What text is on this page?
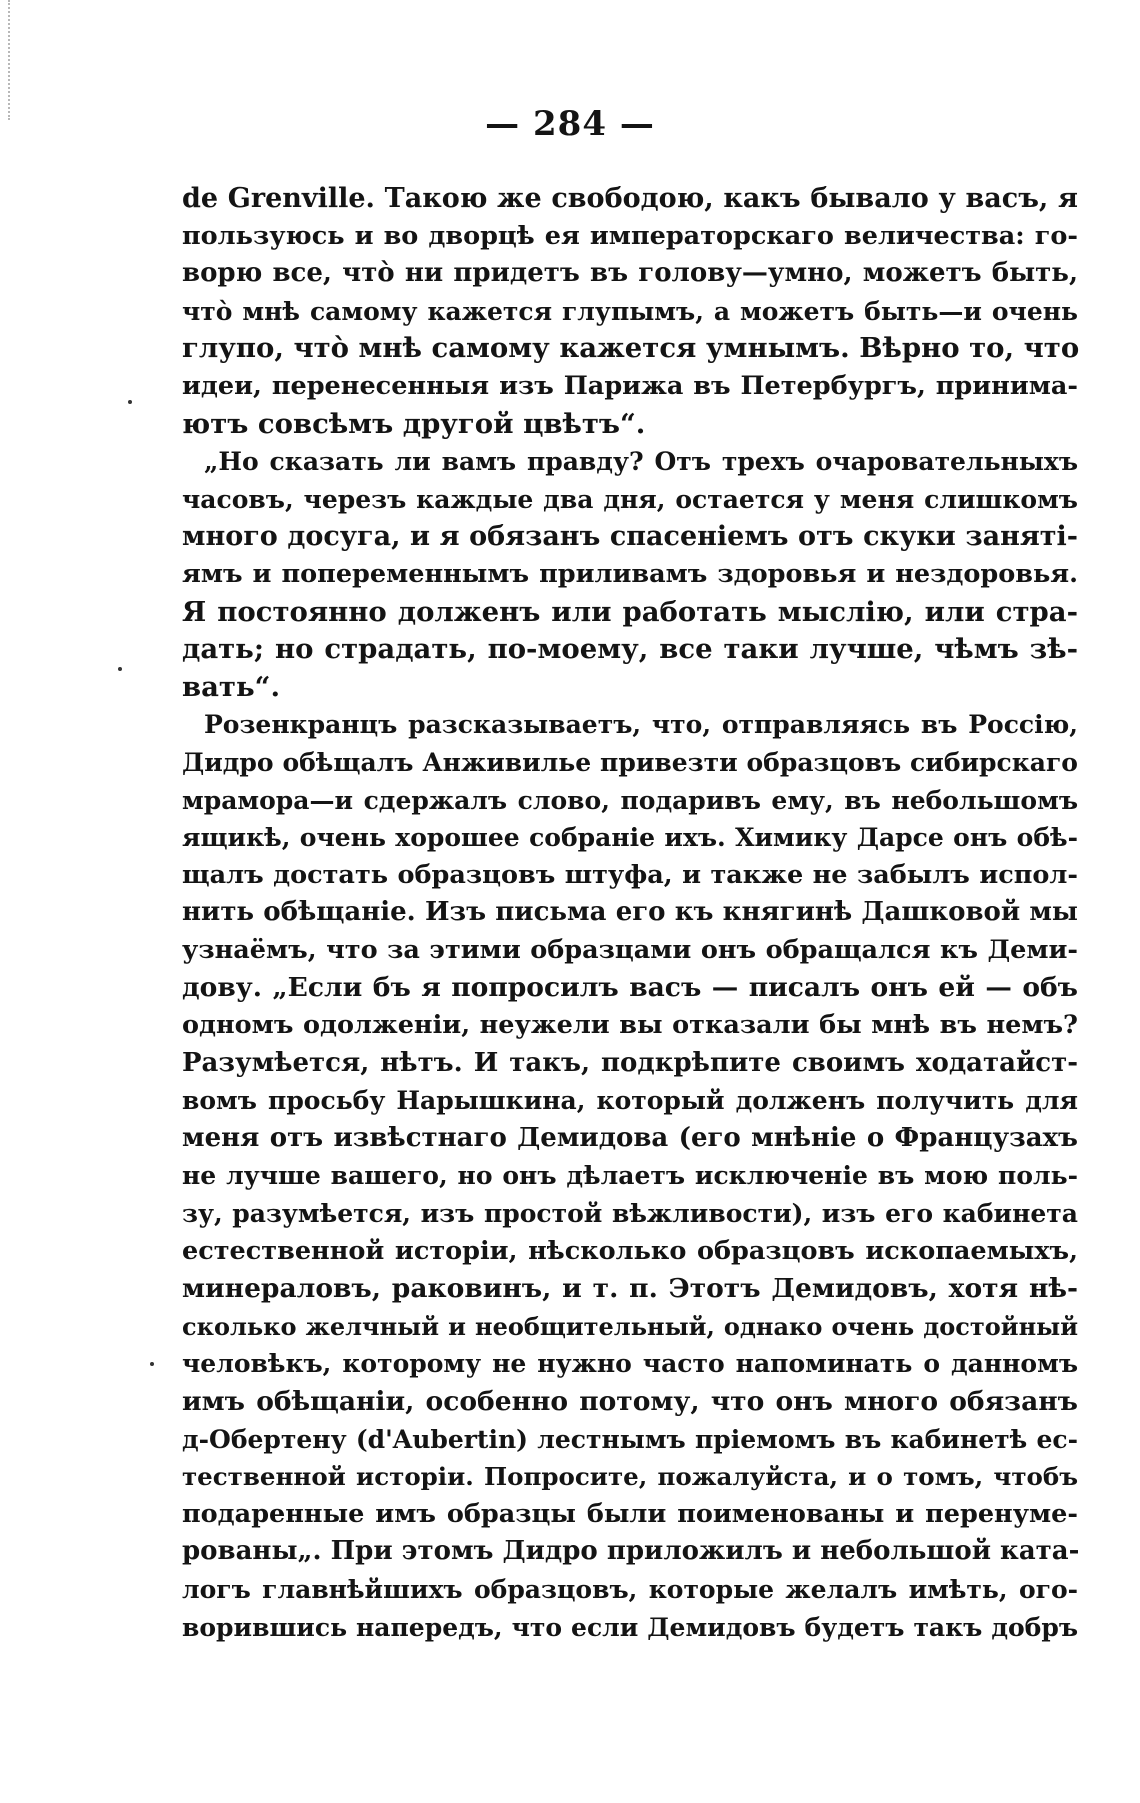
— 284 —
de Grenville. Такою же свободою, какъ бывало у васъ, я
пользуюсь и во дворцѣ ея императорскаго величества: го-
ворю все, чтò ни придетъ въ голову—умно, можетъ быть,
чтò мнѣ самому кажется глупымъ, а можетъ быть—и очень
глупо, чтò мнѣ самому кажется умнымъ. Вѣрно то, что
идеи, перенесенныя изъ Парижа въ Петербургъ, принима-
ютъ совсѣмъ другой цвѣтъ“.
„Но сказать ли вамъ правду? Отъ трехъ очаровательныхъ
часовъ, черезъ каждые два дня, остается у меня слишкомъ
много досуга, и я обязанъ спасенiемъ отъ скуки занятi-
ямъ и попеременнымъ приливамъ здоровья и нездоровья.
Я постоянно долженъ или работать мыслiю, или стра-
дать; но страдать, по-моему, все таки лучше, чѣмъ зѣ-
вать“.
Розенкранцъ разсказываетъ, что, отправляясь въ Россiю,
Дидро обѣщалъ Анживилье привезти образцовъ сибирскаго
мрамора—и сдержалъ слово, подаривъ ему, въ небольшомъ
ящикѣ, очень хорошее собранiе ихъ. Химику Дарсе онъ обѣ-
щалъ достать образцовъ штуфа, и также не забылъ испол-
нить обѣщанiе. Изъ письма его къ княгинѣ Дашковой мы
узнаёмъ, что за этими образцами онъ обращался къ Деми-
дову. „Если бъ я попросилъ васъ — писалъ онъ ей — объ
одномъ одолженiи, неужели вы отказали бы мнѣ въ немъ?
Разумѣется, нѣтъ. И такъ, подкрѣпите своимъ ходатайст-
вомъ просьбу Нарышкина, который долженъ получить для
меня отъ извѣстнаго Демидова (его мнѣнiе о Французахъ
не лучше вашего, но онъ дѣлаетъ исключенiе въ мою поль-
зу, разумѣется, изъ простой вѣжливости), изъ его кабинета
естественной исторiи, нѣсколько образцовъ ископаемыхъ,
минераловъ, раковинъ, и т. п. Этотъ Демидовъ, хотя нѣ-
сколько желчный и необщительный, однако очень достойный
человѣкъ, которому не нужно часто напоминать о данномъ
имъ обѣщанiи, особенно потому, что онъ много обязанъ
д-Обертену (d'Aubertin) лестнымъ прiемомъ въ кабинетѣ ес-
тественной исторiи. Попросите, пожалуйста, и о томъ, чтобъ
подаренные имъ образцы были поименованы и перенуме-
рованы„. При этомъ Дидро приложилъ и небольшой ката-
логъ главнѣйшихъ образцовъ, которые желалъ имѣть, ого-
ворившись напередъ, что если Демидовъ будетъ такъ добръ
